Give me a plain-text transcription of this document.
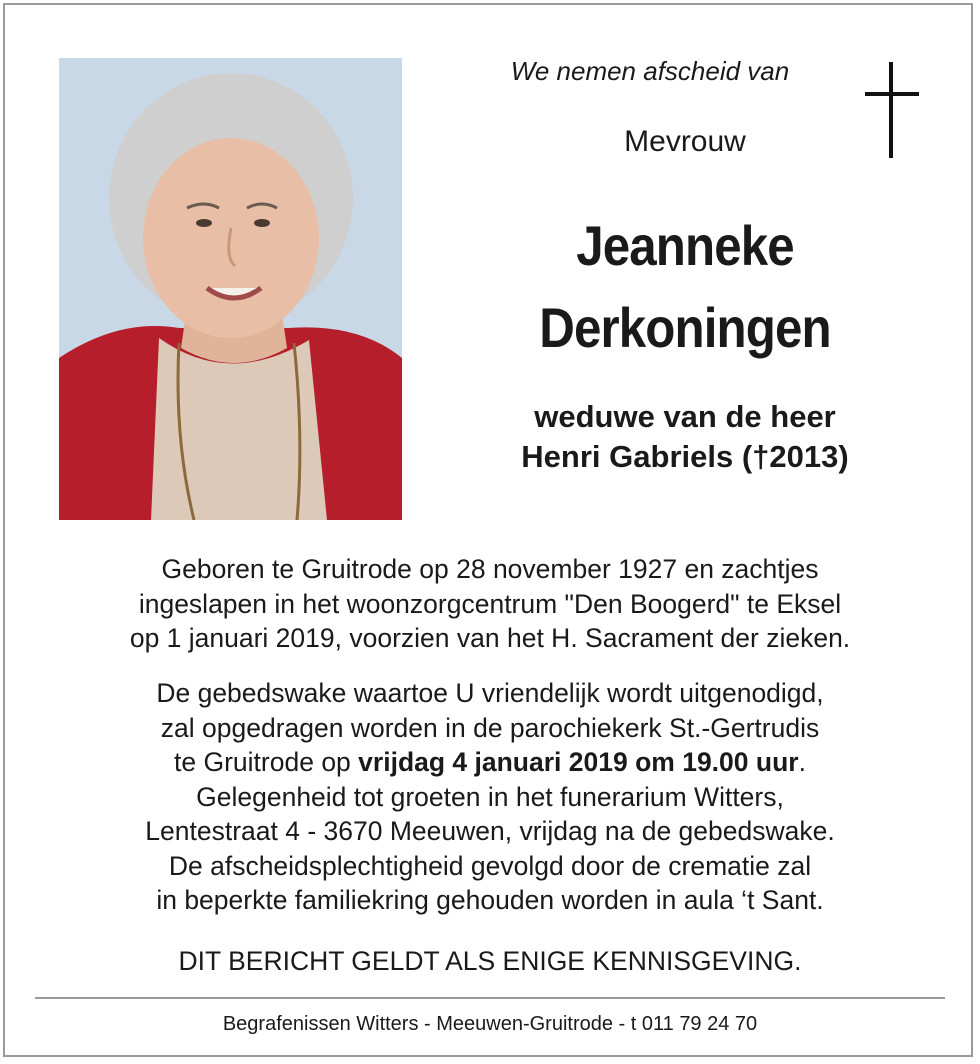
We nemen afscheid van
Mevrouw
Jeanneke
Derkoningen
weduwe van de heer
Henri Gabriels (†2013)
Geboren te Gruitrode op 28 november 1927 en zachtjes
ingeslapen in het woonzorgcentrum "Den Boogerd" te Eksel
op 1 januari 2019, voorzien van het H. Sacrament der zieken.
De gebedswake waartoe U vriendelijk wordt uitgenodigd,
zal opgedragen worden in de parochiekerk St.-Gertrudis
te Gruitrode op vrijdag 4 januari 2019 om 19.00 uur.
Gelegenheid tot groeten in het funerarium Witters,
Lentestraat 4 - 3670 Meeuwen, vrijdag na de gebedswake.
De afscheidsplechtigheid gevolgd door de crematie zal
in beperkte familiekring gehouden worden in aula ‘t Sant.
DIT BERICHT GELDT ALS ENIGE KENNISGEVING.
Begrafenissen Witters - Meeuwen-Gruitrode - t 011 79 24 70
